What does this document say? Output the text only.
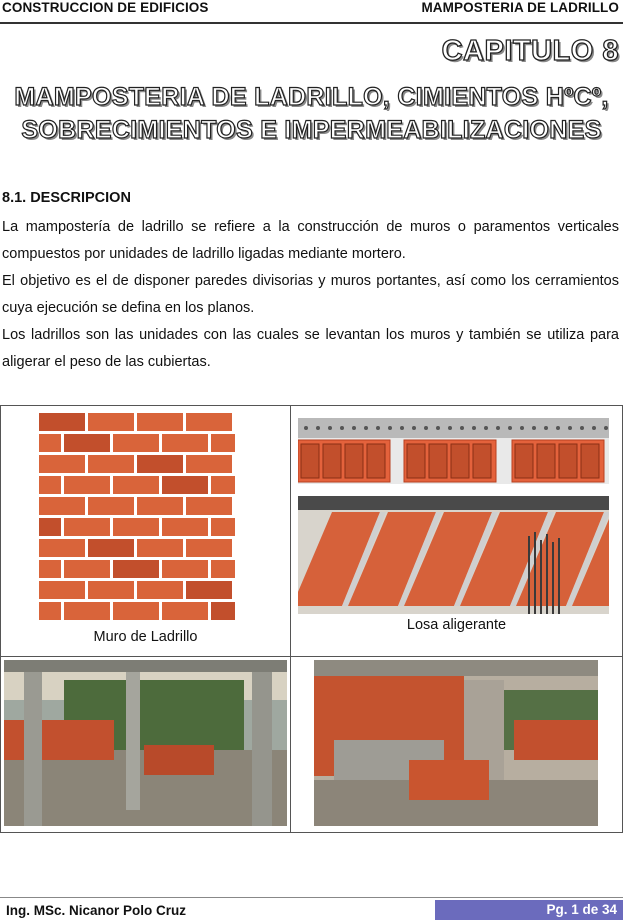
CONSTRUCCION DE EDIFICIOS	MAMPOSTERIA DE LADRILLO
CAPITULO 8
MAMPOSTERIA DE LADRILLO, CIMIENTOS HºCº,
SOBRECIMIENTOS E IMPERMEABILIZACIONES
8.1. DESCRIPCION

La mampostería de ladrillo se refiere a la construcción de muros o paramentos verticales compuestos por unidades de ladrillo ligadas mediante mortero.

El objetivo es el de disponer paredes divisorias y muros portantes, así como los cerramientos cuya ejecución se defina en los planos.

Los ladrillos son las unidades con las cuales se levantan los muros y también se utiliza para aligerar el peso de las cubiertas.

Muro de Ladrillo
Losa aligerante
Ing. MSc. Nicanor Polo Cruz	Pg. 1 de 34
